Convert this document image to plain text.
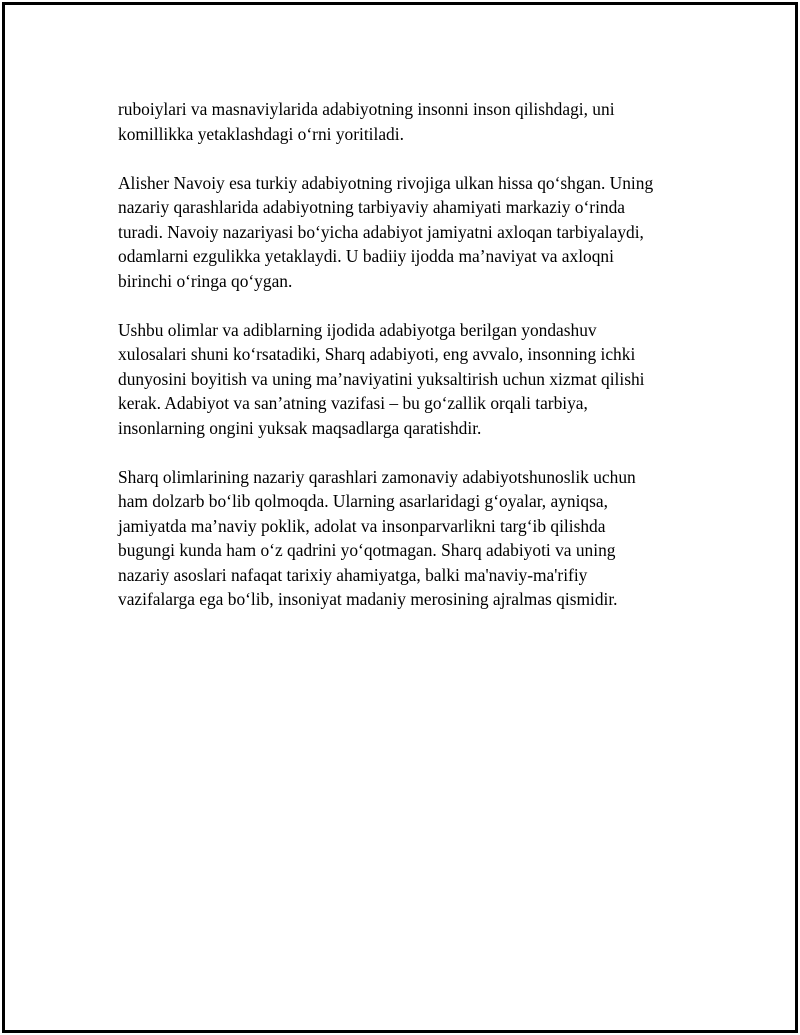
ruboiylari va masnaviylarida adabiyotning insonni inson qilishdagi, uni
komillikka yetaklashdagi o‘rni yoritiladi.

Alisher Navoiy esa turkiy adabiyotning rivojiga ulkan hissa qo‘shgan. Uning
nazariy qarashlarida adabiyotning tarbiyaviy ahamiyati markaziy o‘rinda
turadi. Navoiy nazariyasi bo‘yicha adabiyot jamiyatni axloqan tarbiyalaydi,
odamlarni ezgulikka yetaklaydi. U badiiy ijodda ma’naviyat va axloqni
birinchi o‘ringa qo‘ygan.

Ushbu olimlar va adiblarning ijodida adabiyotga berilgan yondashuv
xulosalari shuni ko‘rsatadiki, Sharq adabiyoti, eng avvalo, insonning ichki
dunyosini boyitish va uning ma’naviyatini yuksaltirish uchun xizmat qilishi
kerak. Adabiyot va san’atning vazifasi – bu go‘zallik orqali tarbiya,
insonlarning ongini yuksak maqsadlarga qaratishdir.

Sharq olimlarining nazariy qarashlari zamonaviy adabiyotshunoslik uchun
ham dolzarb bo‘lib qolmoqda. Ularning asarlaridagi g‘oyalar, ayniqsa,
jamiyatda ma’naviy poklik, adolat va insonparvarlikni targ‘ib qilishda
bugungi kunda ham o‘z qadrini yo‘qotmagan. Sharq adabiyoti va uning
nazariy asoslari nafaqat tarixiy ahamiyatga, balki ma'naviy-ma'rifiy
vazifalarga ega bo‘lib, insoniyat madaniy merosining ajralmas qismidir.
